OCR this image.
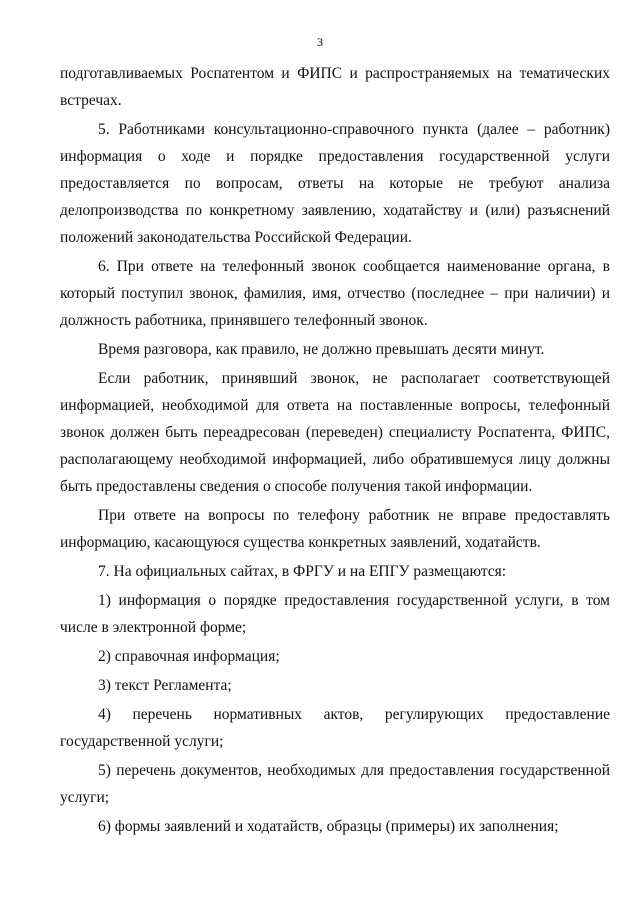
3

подготавливаемых Роспатентом и ФИПС и распространяемых на тематических встречах.

5. Работниками консультационно-справочного пункта (далее – работник) информация о ходе и порядке предоставления государственной услуги предоставляется по вопросам, ответы на которые не требуют анализа делопроизводства по конкретному заявлению, ходатайству и (или) разъяснений положений законодательства Российской Федерации.

6. При ответе на телефонный звонок сообщается наименование органа, в который поступил звонок, фамилия, имя, отчество (последнее – при наличии) и должность работника, принявшего телефонный звонок.

Время разговора, как правило, не должно превышать десяти минут.

Если работник, принявший звонок, не располагает соответствующей информацией, необходимой для ответа на поставленные вопросы, телефонный звонок должен быть переадресован (переведен) специалисту Роспатента, ФИПС, располагающему необходимой информацией, либо обратившемуся лицу должны быть предоставлены сведения о способе получения такой информации.

При ответе на вопросы по телефону работник не вправе предоставлять информацию, касающуюся существа конкретных заявлений, ходатайств.

7. На официальных сайтах, в ФРГУ и на ЕПГУ размещаются:

1) информация о порядке предоставления государственной услуги, в том числе в электронной форме;

2) справочная информация;

3) текст Регламента;

4) перечень нормативных актов, регулирующих предоставление государственной услуги;

5) перечень документов, необходимых для предоставления государственной услуги;

6) формы заявлений и ходатайств, образцы (примеры) их заполнения;
